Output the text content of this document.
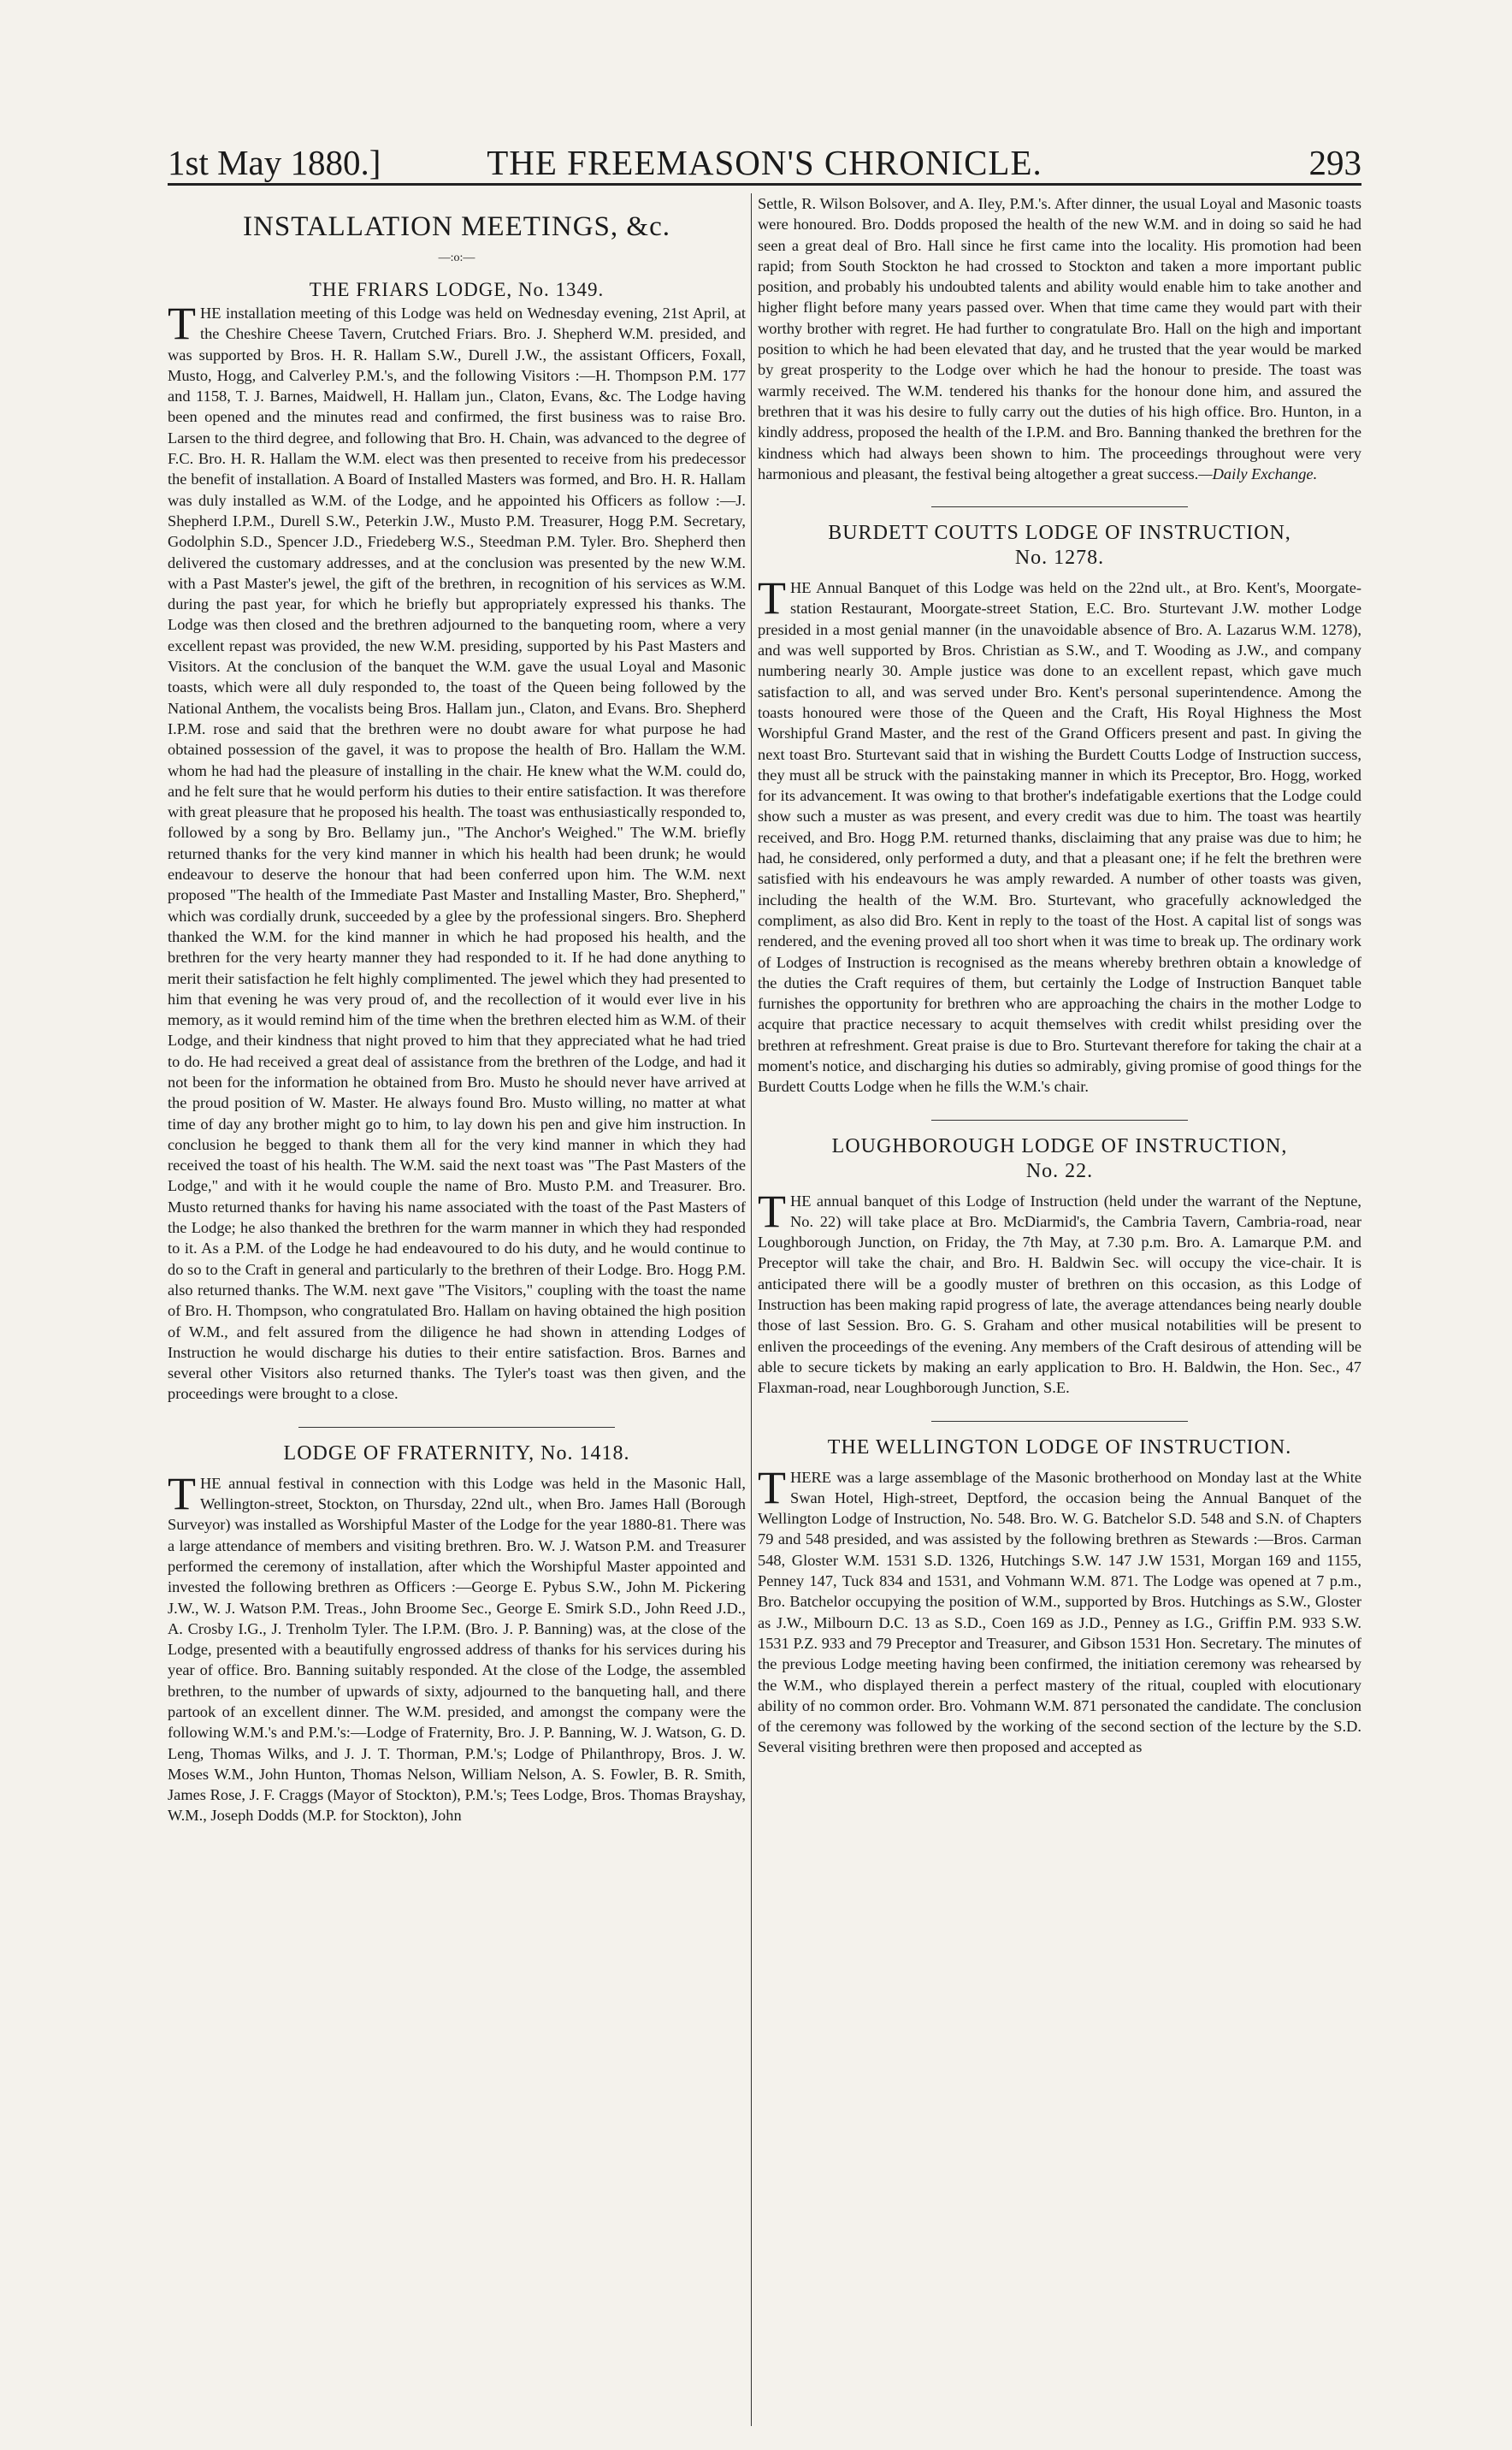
1st May 1880.]	THE FREEMASON'S CHRONICLE.	293
INSTALLATION MEETINGS, &c.
—:o:—
THE FRIARS LODGE, No. 1349.

THE installation meeting of this Lodge was held on Wednesday evening, 21st April, at the Cheshire Cheese Tavern, Crutched Friars. Bro. J. Shepherd W.M. presided, and was supported by Bros. H. R. Hallam S.W., Durell J.W., the assistant Officers, Foxall, Musto, Hogg, and Calverley P.M.'s, and the following Visitors :—H. Thompson P.M. 177 and 1158, T. J. Barnes, Maidwell, H. Hallam jun., Claton, Evans, &c. The Lodge having been opened and the minutes read and confirmed, the first business was to raise Bro. Larsen to the third degree, and following that Bro. H. Chain, was advanced to the degree of F.C. Bro. H. R. Hallam the W.M. elect was then presented to receive from his predecessor the benefit of installation. A Board of Installed Masters was formed, and Bro. H. R. Hallam was duly installed as W.M. of the Lodge, and he appointed his Officers as follow :—J. Shepherd I.P.M., Durell S.W., Peterkin J.W., Musto P.M. Treasurer, Hogg P.M. Secretary, Godolphin S.D., Spencer J.D., Friedeberg W.S., Steedman P.M. Tyler. Bro. Shepherd then delivered the customary addresses, and at the conclusion was presented by the new W.M. with a Past Master's jewel, the gift of the brethren, in recognition of his services as W.M. during the past year, for which he briefly but appropriately expressed his thanks. The Lodge was then closed and the brethren adjourned to the banqueting room, where a very excellent repast was provided, the new W.M. presiding, supported by his Past Masters and Visitors. At the conclusion of the banquet the W.M. gave the usual Loyal and Masonic toasts, which were all duly responded to, the toast of the Queen being followed by the National Anthem, the vocalists being Bros. Hallam jun., Claton, and Evans. Bro. Shepherd I.P.M. rose and said that the brethren were no doubt aware for what purpose he had obtained possession of the gavel, it was to propose the health of Bro. Hallam the W.M. whom he had had the pleasure of installing in the chair. He knew what the W.M. could do, and he felt sure that he would perform his duties to their entire satisfaction. It was therefore with great pleasure that he proposed his health. The toast was enthusiastically responded to, followed by a song by Bro. Bellamy jun., "The Anchor's Weighed." The W.M. briefly returned thanks for the very kind manner in which his health had been drunk; he would endeavour to deserve the honour that had been conferred upon him. The W.M. next proposed "The health of the Immediate Past Master and Installing Master, Bro. Shepherd," which was cordially drunk, succeeded by a glee by the professional singers. Bro. Shepherd thanked the W.M. for the kind manner in which he had proposed his health, and the brethren for the very hearty manner they had responded to it. If he had done anything to merit their satisfaction he felt highly complimented. The jewel which they had presented to him that evening he was very proud of, and the recollection of it would ever live in his memory, as it would remind him of the time when the brethren elected him as W.M. of their Lodge, and their kindness that night proved to him that they appreciated what he had tried to do. He had received a great deal of assistance from the brethren of the Lodge, and had it not been for the information he obtained from Bro. Musto he should never have arrived at the proud position of W. Master. He always found Bro. Musto willing, no matter at what time of day any brother might go to him, to lay down his pen and give him instruction. In conclusion he begged to thank them all for the very kind manner in which they had received the toast of his health. The W.M. said the next toast was "The Past Masters of the Lodge," and with it he would couple the name of Bro. Musto P.M. and Treasurer. Bro. Musto returned thanks for having his name associated with the toast of the Past Masters of the Lodge; he also thanked the brethren for the warm manner in which they had responded to it. As a P.M. of the Lodge he had endeavoured to do his duty, and he would continue to do so to the Craft in general and particularly to the brethren of their Lodge. Bro. Hogg P.M. also returned thanks. The W.M. next gave "The Visitors," coupling with the toast the name of Bro. H. Thompson, who congratulated Bro. Hallam on having obtained the high position of W.M., and felt assured from the diligence he had shown in attending Lodges of Instruction he would discharge his duties to their entire satisfaction. Bros. Barnes and several other Visitors also returned thanks. The Tyler's toast was then given, and the proceedings were brought to a close.

LODGE OF FRATERNITY, No. 1418.

THE annual festival in connection with this Lodge was held in the Masonic Hall, Wellington-street, Stockton, on Thursday, 22nd ult., when Bro. James Hall (Borough Surveyor) was installed as Worshipful Master of the Lodge for the year 1880-81. There was a large attendance of members and visiting brethren. Bro. W. J. Watson P.M. and Treasurer performed the ceremony of installation, after which the Worshipful Master appointed and invested the following brethren as Officers :—George E. Pybus S.W., John M. Pickering J.W., W. J. Watson P.M. Treas., John Broome Sec., George E. Smirk S.D., John Reed J.D., A. Crosby I.G., J. Trenholm Tyler. The I.P.M. (Bro. J. P. Banning) was, at the close of the Lodge, presented with a beautifully engrossed address of thanks for his services during his year of office. Bro. Banning suitably responded. At the close of the Lodge, the assembled brethren, to the number of upwards of sixty, adjourned to the banqueting hall, and there partook of an excellent dinner. The W.M. presided, and amongst the company were the following W.M.'s and P.M.'s:—Lodge of Fraternity, Bro. J. P. Banning, W. J. Watson, G. D. Leng, Thomas Wilks, and J. J. T. Thorman, P.M.'s; Lodge of Philanthropy, Bros. J. W. Moses W.M., John Hunton, Thomas Nelson, William Nelson, A. S. Fowler, B. R. Smith, James Rose, J. F. Craggs (Mayor of Stockton), P.M.'s; Tees Lodge, Bros. Thomas Brayshay, W.M., Joseph Dodds (M.P. for Stockton), John

Settle, R. Wilson Bolsover, and A. Iley, P.M.'s. After dinner, the usual Loyal and Masonic toasts were honoured. Bro. Dodds proposed the health of the new W.M. and in doing so said he had seen a great deal of Bro. Hall since he first came into the locality. His promotion had been rapid; from South Stockton he had crossed to Stockton and taken a more important public position, and probably his undoubted talents and ability would enable him to take another and higher flight before many years passed over. When that time came they would part with their worthy brother with regret. He had further to congratulate Bro. Hall on the high and important position to which he had been elevated that day, and he trusted that the year would be marked by great prosperity to the Lodge over which he had the honour to preside. The toast was warmly received. The W.M. tendered his thanks for the honour done him, and assured the brethren that it was his desire to fully carry out the duties of his high office. Bro. Hunton, in a kindly address, proposed the health of the I.P.M. and Bro. Banning thanked the brethren for the kindness which had always been shown to him. The proceedings throughout were very harmonious and pleasant, the festival being altogether a great success.—Daily Exchange.

BURDETT COUTTS LODGE OF INSTRUCTION,
No. 1278.

THE Annual Banquet of this Lodge was held on the 22nd ult., at Bro. Kent's, Moorgate-station Restaurant, Moorgate-street Station, E.C. Bro. Sturtevant J.W. mother Lodge presided in a most genial manner (in the unavoidable absence of Bro. A. Lazarus W.M. 1278), and was well supported by Bros. Christian as S.W., and T. Wooding as J.W., and company numbering nearly 30. Ample justice was done to an excellent repast, which gave much satisfaction to all, and was served under Bro. Kent's personal superintendence. Among the toasts honoured were those of the Queen and the Craft, His Royal Highness the Most Worshipful Grand Master, and the rest of the Grand Officers present and past. In giving the next toast Bro. Sturtevant said that in wishing the Burdett Coutts Lodge of Instruction success, they must all be struck with the painstaking manner in which its Preceptor, Bro. Hogg, worked for its advancement. It was owing to that brother's indefatigable exertions that the Lodge could show such a muster as was present, and every credit was due to him. The toast was heartily received, and Bro. Hogg P.M. returned thanks, disclaiming that any praise was due to him; he had, he considered, only performed a duty, and that a pleasant one; if he felt the brethren were satisfied with his endeavours he was amply rewarded. A number of other toasts was given, including the health of the W.M. Bro. Sturtevant, who gracefully acknowledged the compliment, as also did Bro. Kent in reply to the toast of the Host. A capital list of songs was rendered, and the evening proved all too short when it was time to break up. The ordinary work of Lodges of Instruction is recognised as the means whereby brethren obtain a knowledge of the duties the Craft requires of them, but certainly the Lodge of Instruction Banquet table furnishes the opportunity for brethren who are approaching the chairs in the mother Lodge to acquire that practice necessary to acquit themselves with credit whilst presiding over the brethren at refreshment. Great praise is due to Bro. Sturtevant therefore for taking the chair at a moment's notice, and discharging his duties so admirably, giving promise of good things for the Burdett Coutts Lodge when he fills the W.M.'s chair.

LOUGHBOROUGH LODGE OF INSTRUCTION,
No. 22.

THE annual banquet of this Lodge of Instruction (held under the warrant of the Neptune, No. 22) will take place at Bro. McDiarmid's, the Cambria Tavern, Cambria-road, near Loughborough Junction, on Friday, the 7th May, at 7.30 p.m. Bro. A. Lamarque P.M. and Preceptor will take the chair, and Bro. H. Baldwin Sec. will occupy the vice-chair. It is anticipated there will be a goodly muster of brethren on this occasion, as this Lodge of Instruction has been making rapid progress of late, the average attendances being nearly double those of last Session. Bro. G. S. Graham and other musical notabilities will be present to enliven the proceedings of the evening. Any members of the Craft desirous of attending will be able to secure tickets by making an early application to Bro. H. Baldwin, the Hon. Sec., 47 Flaxman-road, near Loughborough Junction, S.E.

THE WELLINGTON LODGE OF INSTRUCTION.

THERE was a large assemblage of the Masonic brotherhood on Monday last at the White Swan Hotel, High-street, Deptford, the occasion being the Annual Banquet of the Wellington Lodge of Instruction, No. 548. Bro. W. G. Batchelor S.D. 548 and S.N. of Chapters 79 and 548 presided, and was assisted by the following brethren as Stewards :—Bros. Carman 548, Gloster W.M. 1531 S.D. 1326, Hutchings S.W. 147 J.W 1531, Morgan 169 and 1155, Penney 147, Tuck 834 and 1531, and Vohmann W.M. 871. The Lodge was opened at 7 p.m., Bro. Batchelor occupying the position of W.M., supported by Bros. Hutchings as S.W., Gloster as J.W., Milbourn D.C. 13 as S.D., Coen 169 as J.D., Penney as I.G., Griffin P.M. 933 S.W. 1531 P.Z. 933 and 79 Preceptor and Treasurer, and Gibson 1531 Hon. Secretary. The minutes of the previous Lodge meeting having been confirmed, the initiation ceremony was rehearsed by the W.M., who displayed therein a perfect mastery of the ritual, coupled with elocutionary ability of no common order. Bro. Vohmann W.M. 871 personated the candidate. The conclusion of the ceremony was followed by the working of the second section of the lecture by the S.D. Several visiting brethren were then proposed and accepted as
